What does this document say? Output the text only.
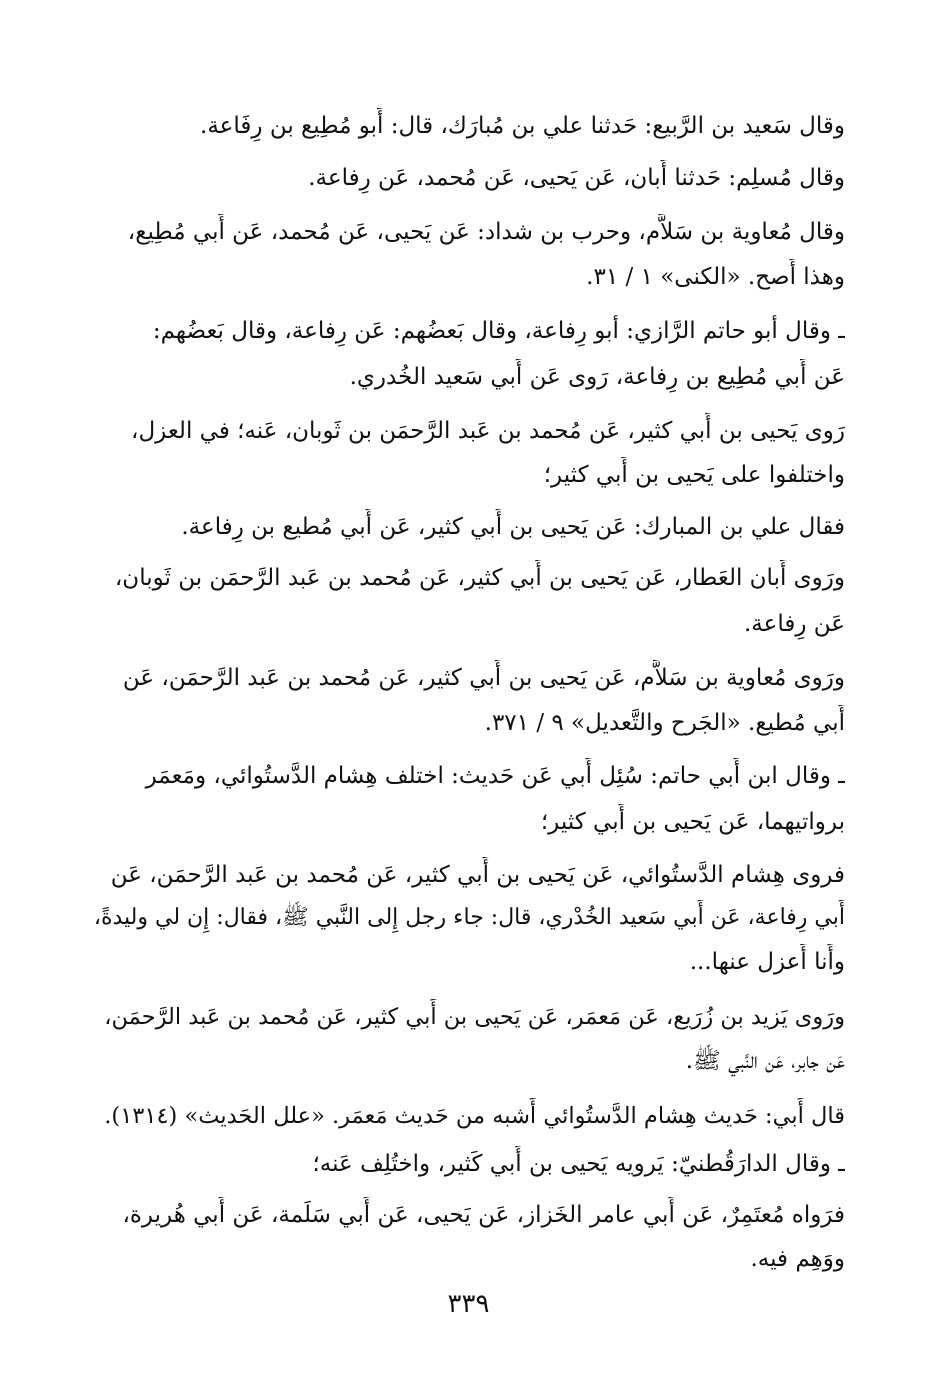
وقال سَعيد بن الرَّبيع: حَدثنا علي بن مُبارَك، قال: أَبو مُطِيع بن رِفَاعة.

وقال مُسلِم: حَدثنا أَبان، عَن يَحيى، عَن مُحمد، عَن رِفاعة.

وقال مُعاوية بن سَلاَّم، وحرب بن شداد: عَن يَحيى، عَن مُحمد، عَن أَبي مُطِيع،

وهذا أَصح. «الكنى» ١ / ٣١.

ـ وقال أبو حاتم الرَّازي: أبو رِفاعة، وقال بَعضُهم: عَن رِفاعة، وقال بَعضُهم:

عَن أَبي مُطِيع بن رِفاعة، رَوى عَن أَبي سَعيد الخُدري.

رَوى يَحيى بن أَبي كثير، عَن مُحمد بن عَبد الرَّحمَن بن ثَوبان، عَنه؛ في العزل،

واختلفوا على يَحيى بن أَبي كثير؛

فقال علي بن المبارك: عَن يَحيى بن أَبي كثير، عَن أَبي مُطيع بن رِفاعة.

ورَوى أَبان العَطار، عَن يَحيى بن أَبي كثير، عَن مُحمد بن عَبد الرَّحمَن بن ثَوبان،

عَن رِفاعة.

ورَوى مُعاوية بن سَلاَّم، عَن يَحيى بن أَبي كثير، عَن مُحمد بن عَبد الرَّحمَن، عَن

أَبي مُطيع. «الجَرح والتَّعديل» ٩ / ٣٧١.

ـ وقال ابن أَبي حاتم: سُئِل أَبي عَن حَديث: اختلف هِشام الدَّستُوائي، ومَعمَر

برواتيهما، عَن يَحيى بن أَبي كثير؛

فروى هِشام الدَّستُوائي، عَن يَحيى بن أَبي كثير، عَن مُحمد بن عَبد الرَّحمَن، عَن

أَبي رِفاعة، عَن أَبي سَعيد الخُدْري، قال: جاء رجل إِلى النَّبي ﷺ، فقال: إِن لي وليدةً،

وأَنا أَعزل عنها...

ورَوى يَزيد بن زُرَيع، عَن مَعمَر، عَن يَحيى بن أَبي كثير، عَن مُحمد بن عَبد الرَّحمَن،

عَن جابر، عَن النَّبي ﷺ.

قال أَبي: حَديث هِشام الدَّستُوائي أَشبه من حَديث مَعمَر. «علل الحَديث» (١٣١٤).

ـ وقال الدارَقُطنيّ: يَرويه يَحيى بن أَبي كَثير، واختُلِف عَنه؛

فرَواه مُعتَمِرٌ، عَن أَبي عامر الخَزاز، عَن يَحيى، عَن أَبي سَلَمة، عَن أَبي هُريرة،

ووَهِم فيه.

٣٣٩
